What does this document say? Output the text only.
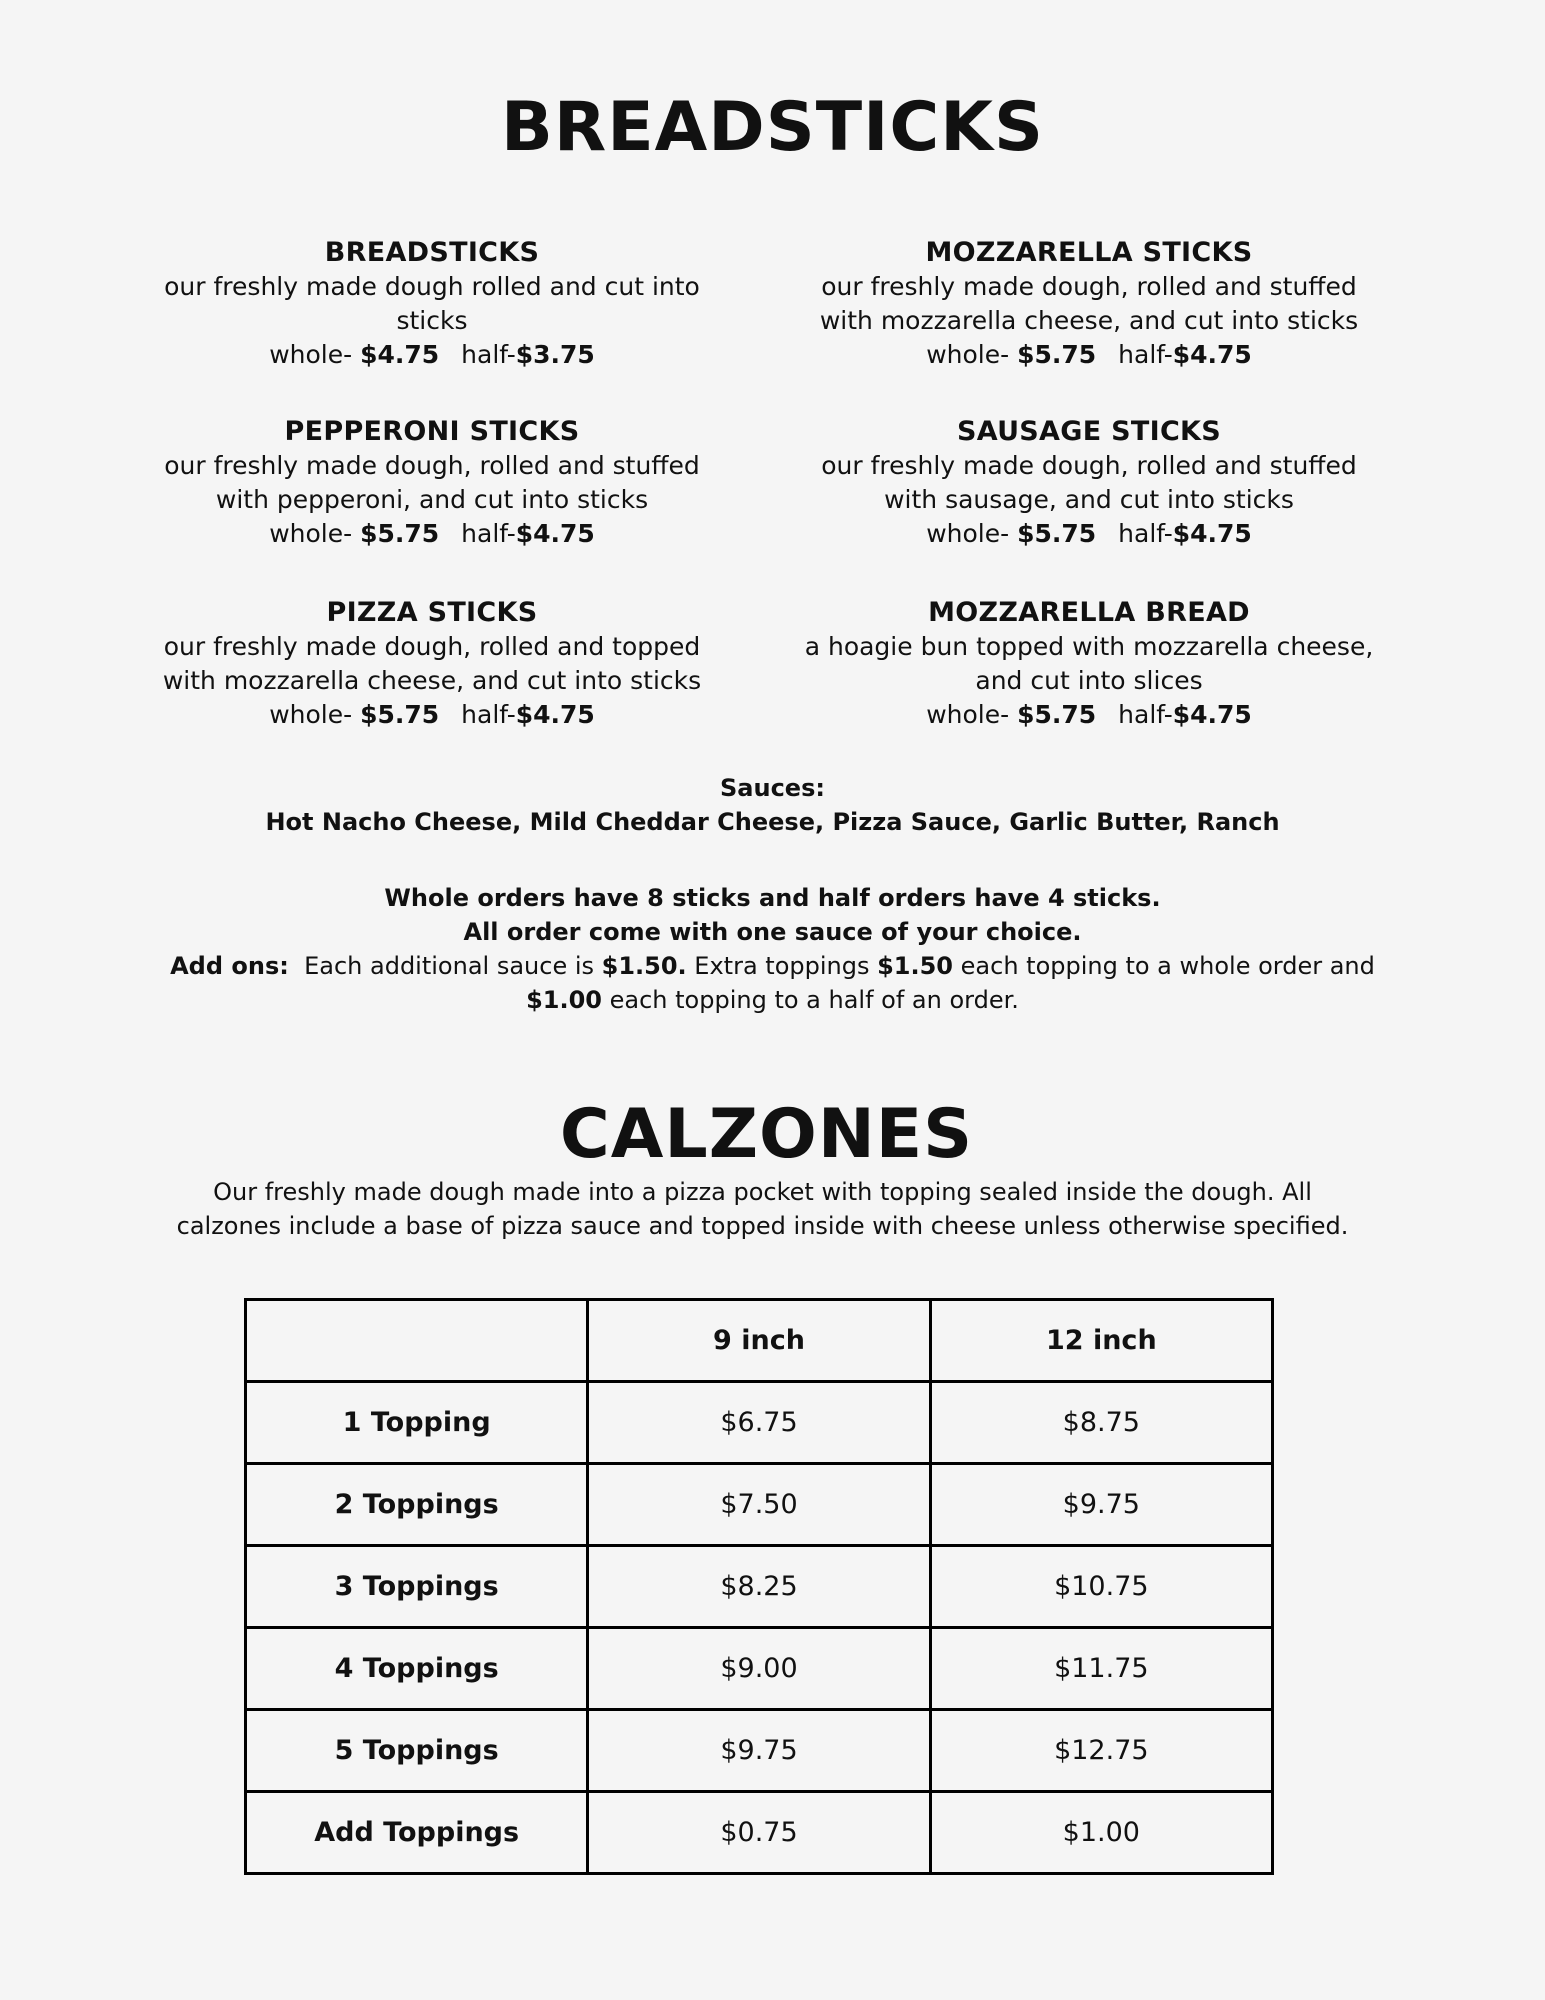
BREADSTICKS
BREADSTICKS
our freshly made dough rolled and cut into
sticks
whole- $4.75 half-$3.75
MOZZARELLA STICKS
our freshly made dough, rolled and stuffed
with mozzarella cheese, and cut into sticks
whole- $5.75 half-$4.75
PEPPERONI STICKS
our freshly made dough, rolled and stuffed
with pepperoni, and cut into sticks
whole- $5.75 half-$4.75
SAUSAGE STICKS
our freshly made dough, rolled and stuffed
with sausage, and cut into sticks
whole- $5.75 half-$4.75
PIZZA STICKS
our freshly made dough, rolled and topped
with mozzarella cheese, and cut into sticks
whole- $5.75 half-$4.75
MOZZARELLA BREAD
a hoagie bun topped with mozzarella cheese,
and cut into slices
whole- $5.75 half-$4.75
Sauces:
Hot Nacho Cheese, Mild Cheddar Cheese, Pizza Sauce, Garlic Butter, Ranch
Whole orders have 8 sticks and half orders have 4 sticks.
All order come with one sauce of your choice.
Add ons:  Each additional sauce is $1.50. Extra toppings $1.50 each topping to a whole order and $1.00 each topping to a half of an order.
CALZONES
Our freshly made dough made into a pizza pocket with topping sealed inside the dough. All calzones include a base of pizza sauce and topped inside with cheese unless otherwise specified.
	9 inch	12 inch
1 Topping	$6.75	$8.75
2 Toppings	$7.50	$9.75
3 Toppings	$8.25	$10.75
4 Toppings	$9.00	$11.75
5 Toppings	$9.75	$12.75
Add Toppings	$0.75	$1.00
